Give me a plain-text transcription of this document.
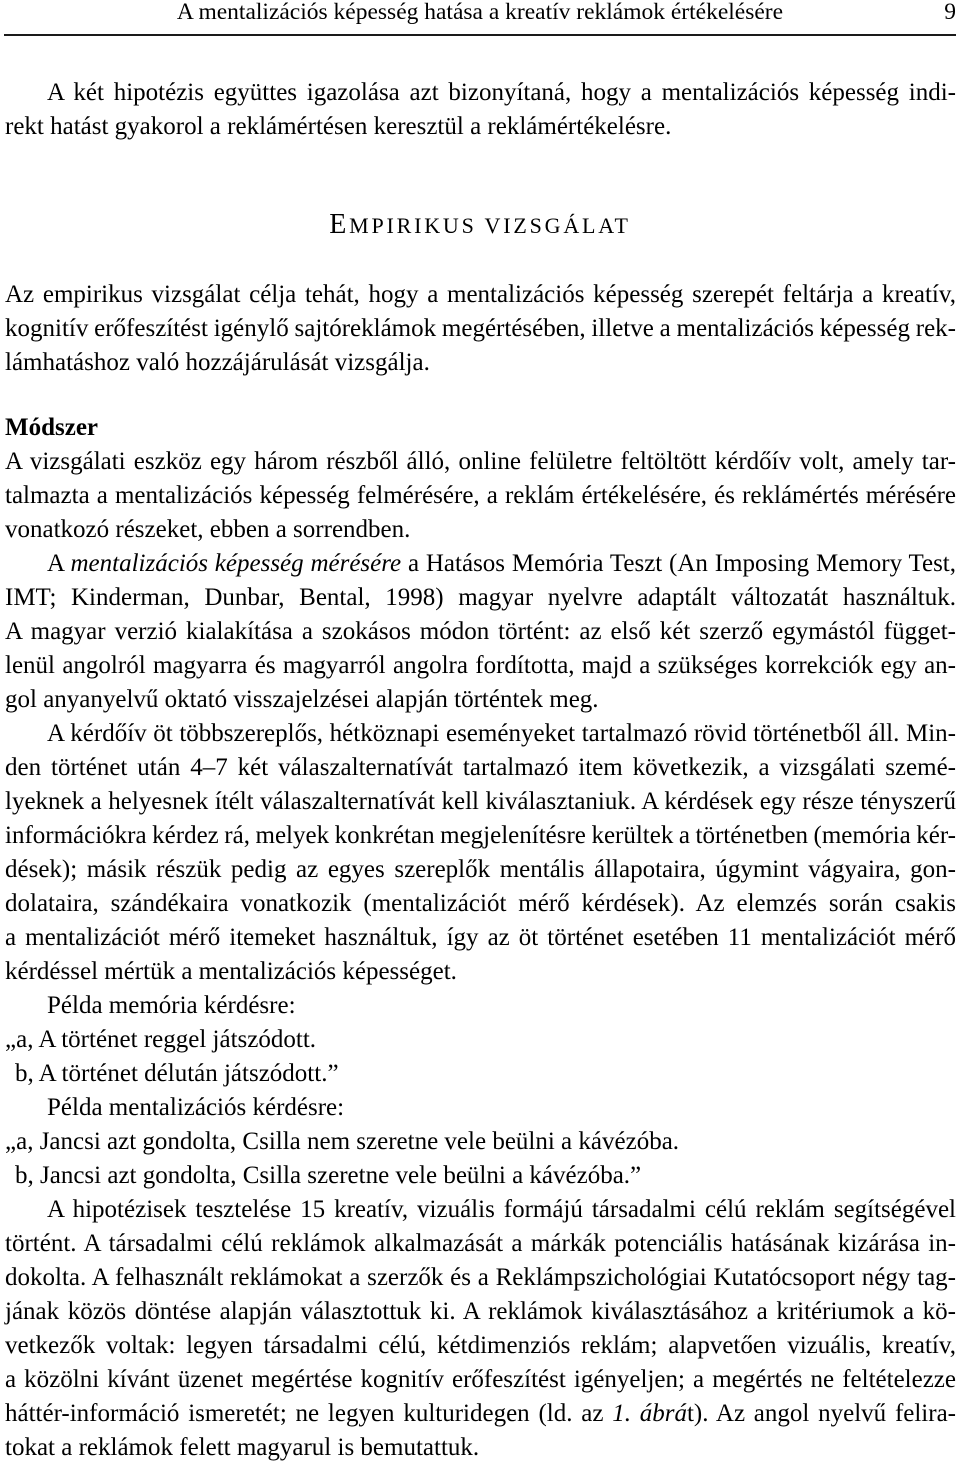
A mentalizációs képesség hatása a kreatív reklámok értékelésére	9
A két hipotézis együttes igazolása azt bizonyítaná, hogy a mentalizációs képesség indi-
rekt hatást gyakorol a reklámértésen keresztül a reklámértékelésre.
EMPIRIKUS VIZSGÁLAT
Az empirikus vizsgálat célja tehát, hogy a mentalizációs képesség szerepét feltárja a kreatív,
kognitív erőfeszítést igénylő sajtóreklámok megértésében, illetve a mentalizációs képesség rek-
lámhatáshoz való hozzájárulását vizsgálja.
Módszer
A vizsgálati eszköz egy három részből álló, online felületre feltöltött kérdőív volt, amely tar-
talmazta a mentalizációs képesség felmérésére, a reklám értékelésére, és reklámértés mérésére
vonatkozó részeket, ebben a sorrendben.
A mentalizációs képesség mérésére a Hatásos Memória Teszt (An Imposing Memory Test,
IMT; Kinderman, Dunbar, Bental, 1998) magyar nyelvre adaptált változatát használtuk.
A magyar verzió kialakítása a szokásos módon történt: az első két szerző egymástól függet-
lenül angolról magyarra és magyarról angolra fordította, majd a szükséges korrekciók egy an-
gol anyanyelvű oktató visszajelzései alapján történtek meg.
A kérdőív öt többszereplős, hétköznapi eseményeket tartalmazó rövid történetből áll. Min-
den történet után 4–7 két válaszalternatívát tartalmazó item következik, a vizsgálati szemé-
lyeknek a helyesnek ítélt válaszalternatívát kell kiválasztaniuk. A kérdések egy része tényszerű
információkra kérdez rá, melyek konkrétan megjelenítésre kerültek a történetben (memória kér-
dések); másik részük pedig az egyes szereplők mentális állapotaira, úgymint vágyaira, gon-
dolataira, szándékaira vonatkozik (mentalizációt mérő kérdések). Az elemzés során csakis
a mentalizációt mérő itemeket használtuk, így az öt történet esetében 11 mentalizációt mérő
kérdéssel mértük a mentalizációs képességet.
Példa memória kérdésre:
„a, A történet reggel játszódott.
b, A történet délután játszódott.”
Példa mentalizációs kérdésre:
„a, Jancsi azt gondolta, Csilla nem szeretne vele beülni a kávézóba.
b, Jancsi azt gondolta, Csilla szeretne vele beülni a kávézóba.”
A hipotézisek tesztelése 15 kreatív, vizuális formájú társadalmi célú reklám segítségével
történt. A társadalmi célú reklámok alkalmazását a márkák potenciális hatásának kizárása in-
dokolta. A felhasznált reklámokat a szerzők és a Reklámpszichológiai Kutatócsoport négy tag-
jának közös döntése alapján választottuk ki. A reklámok kiválasztásához a kritériumok a kö-
vetkezők voltak: legyen társadalmi célú, kétdimenziós reklám; alapvetően vizuális, kreatív,
a közölni kívánt üzenet megértése kognitív erőfeszítést igényeljen; a megértés ne feltételezze
háttér-információ ismeretét; ne legyen kulturidegen (ld. az 1. ábrát). Az angol nyelvű felira-
tokat a reklámok felett magyarul is bemutattuk.
